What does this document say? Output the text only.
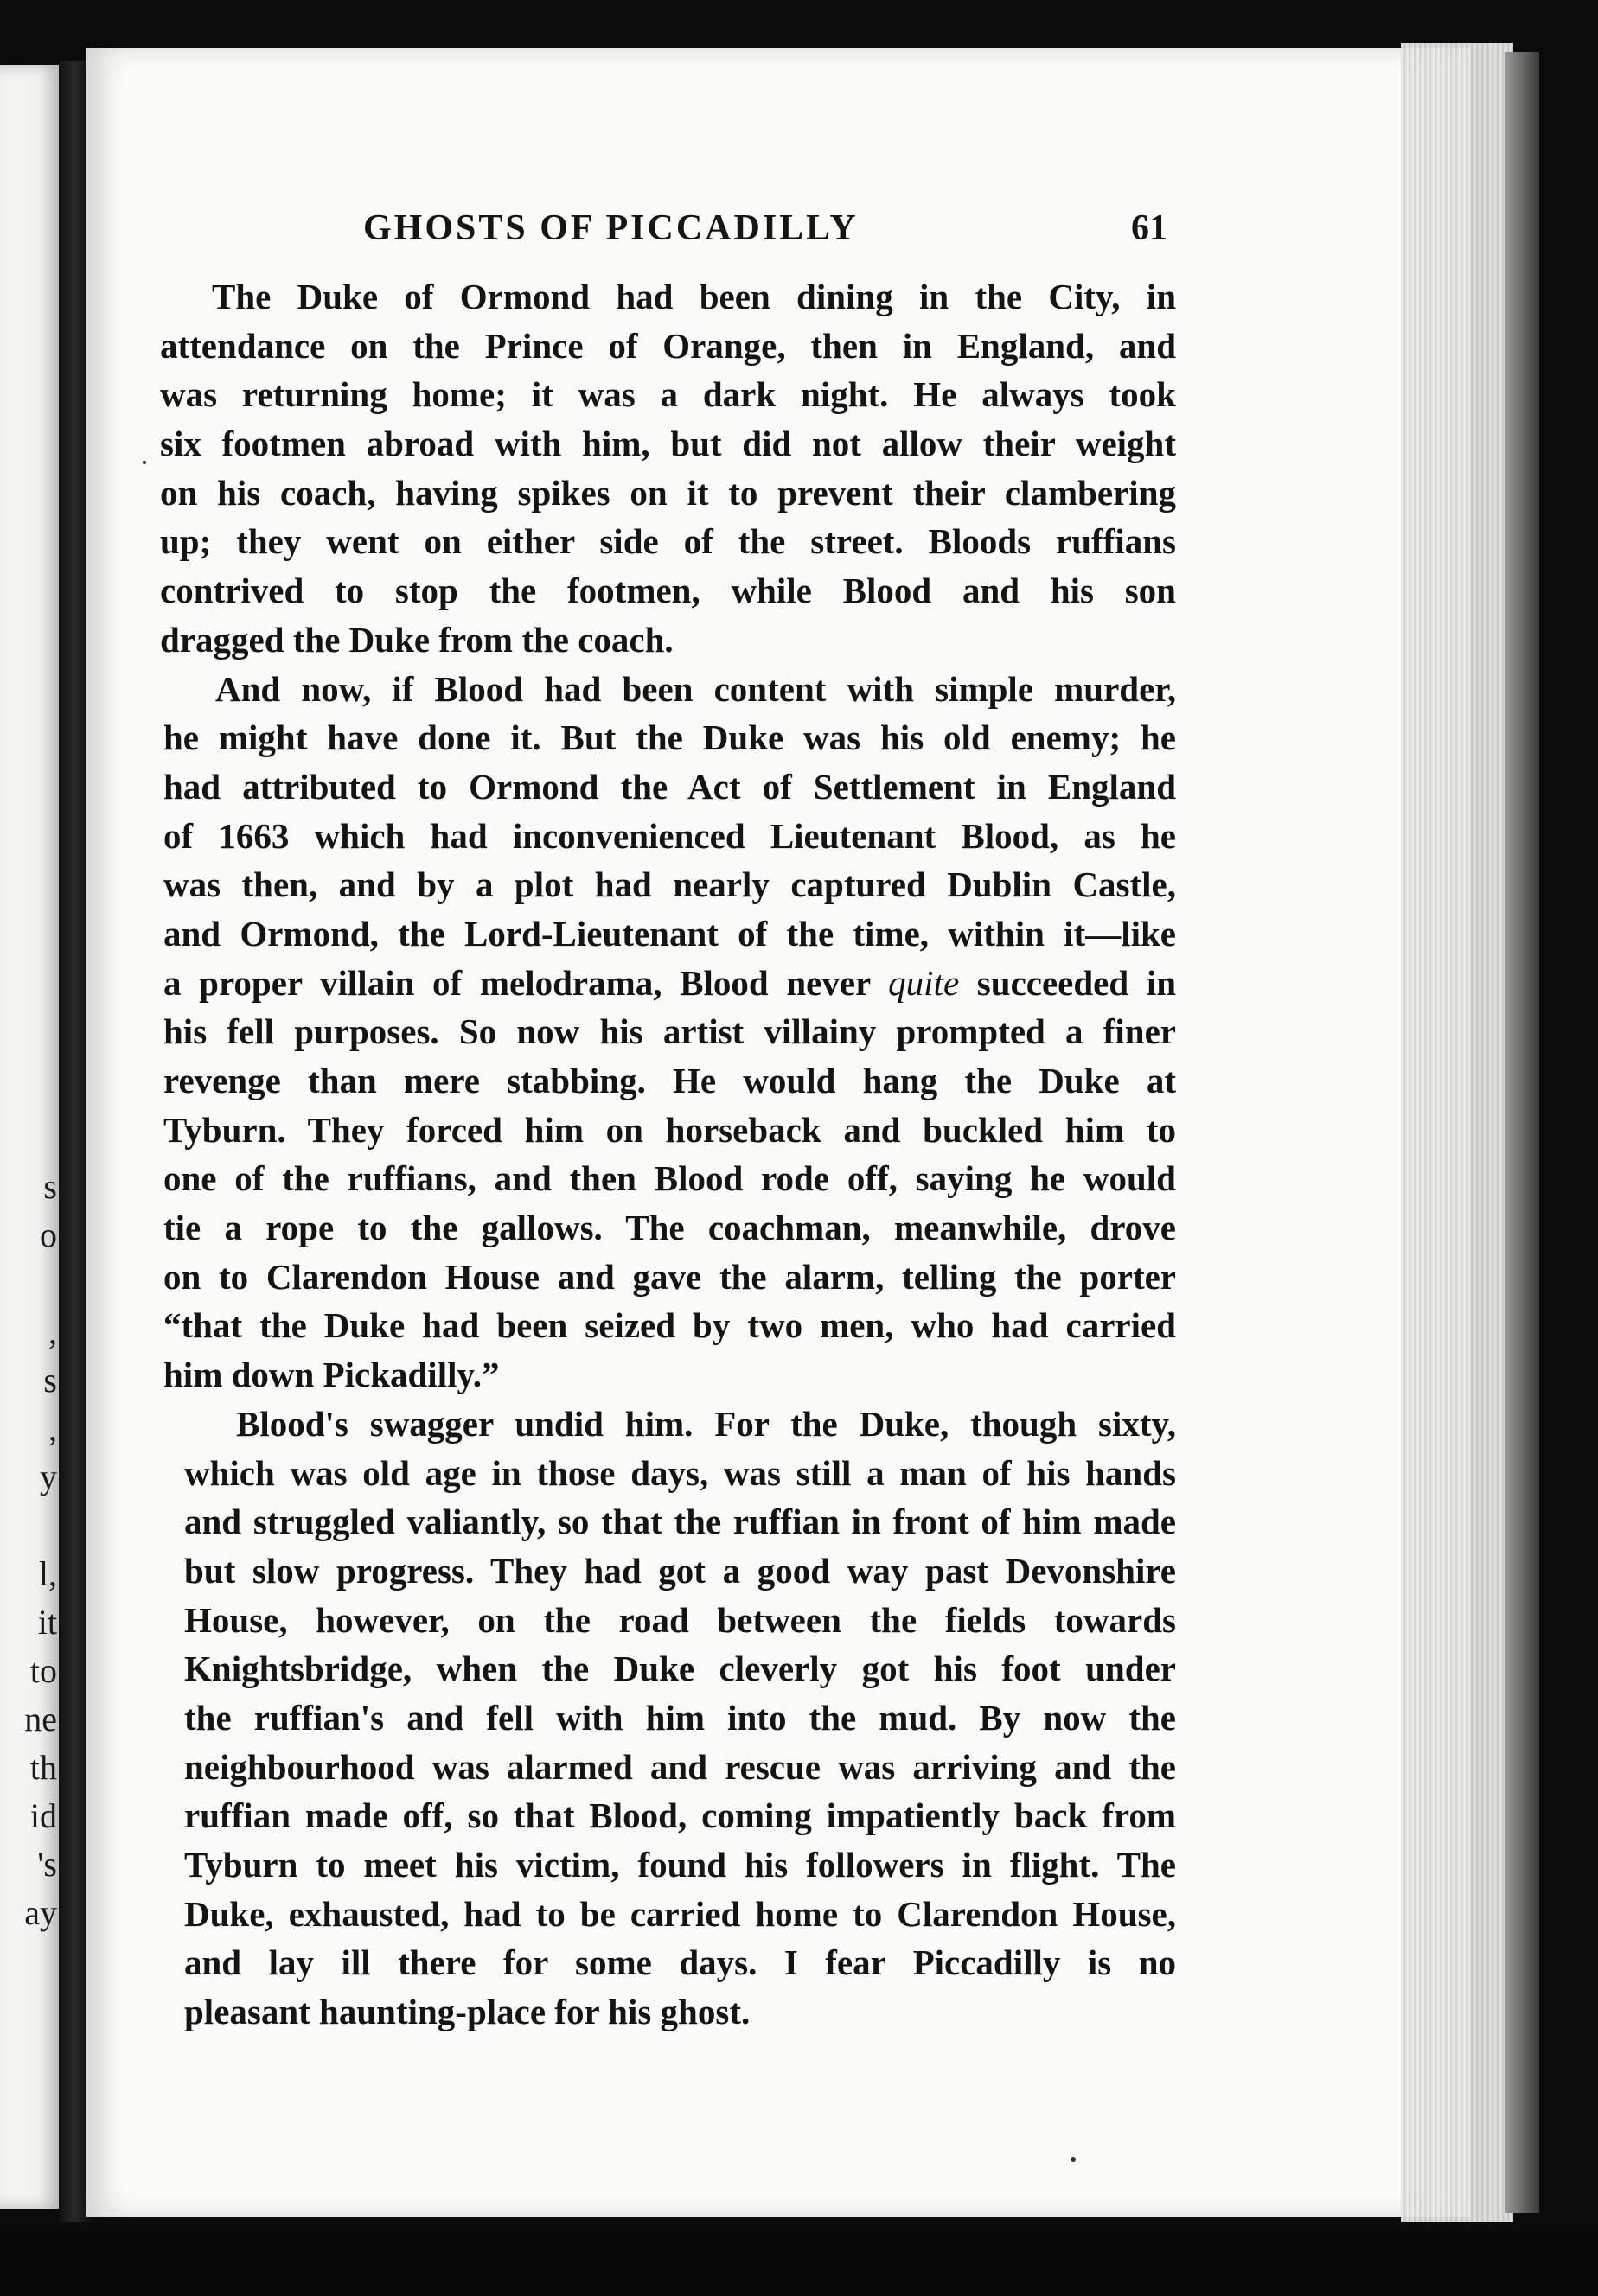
s
o
,
s
,
y
l,
it
to
ne
th
id
's
ay
GHOSTS OF PICCADILLY	61
The Duke of Ormond had been dining in the City, in
attendance on the Prince of Orange, then in England, and
was returning home; it was a dark night. He always took
six footmen abroad with him, but did not allow their weight
on his coach, having spikes on it to prevent their clambering
up; they went on either side of the street. Bloods ruffians
contrived to stop the footmen, while Blood and his son
dragged the Duke from the coach.
And now, if Blood had been content with simple murder,
he might have done it. But the Duke was his old enemy; he
had attributed to Ormond the Act of Settlement in England
of 1663 which had inconvenienced Lieutenant Blood, as he
was then, and by a plot had nearly captured Dublin Castle,
and Ormond, the Lord-Lieutenant of the time, within it—like
a proper villain of melodrama, Blood never quite succeeded in
his fell purposes. So now his artist villainy prompted a finer
revenge than mere stabbing. He would hang the Duke at
Tyburn. They forced him on horseback and buckled him to
one of the ruffians, and then Blood rode off, saying he would
tie a rope to the gallows. The coachman, meanwhile, drove
on to Clarendon House and gave the alarm, telling the porter
“that the Duke had been seized by two men, who had carried
him down Pickadilly.”
Blood's swagger undid him. For the Duke, though sixty,
which was old age in those days, was still a man of his hands
and struggled valiantly, so that the ruffian in front of him made
but slow progress. They had got a good way past Devonshire
House, however, on the road between the fields towards
Knightsbridge, when the Duke cleverly got his foot under
the ruffian's and fell with him into the mud. By now the
neighbourhood was alarmed and rescue was arriving and the
ruffian made off, so that Blood, coming impatiently back from
Tyburn to meet his victim, found his followers in flight. The
Duke, exhausted, had to be carried home to Clarendon House,
and lay ill there for some days. I fear Piccadilly is no
pleasant haunting-place for his ghost.
